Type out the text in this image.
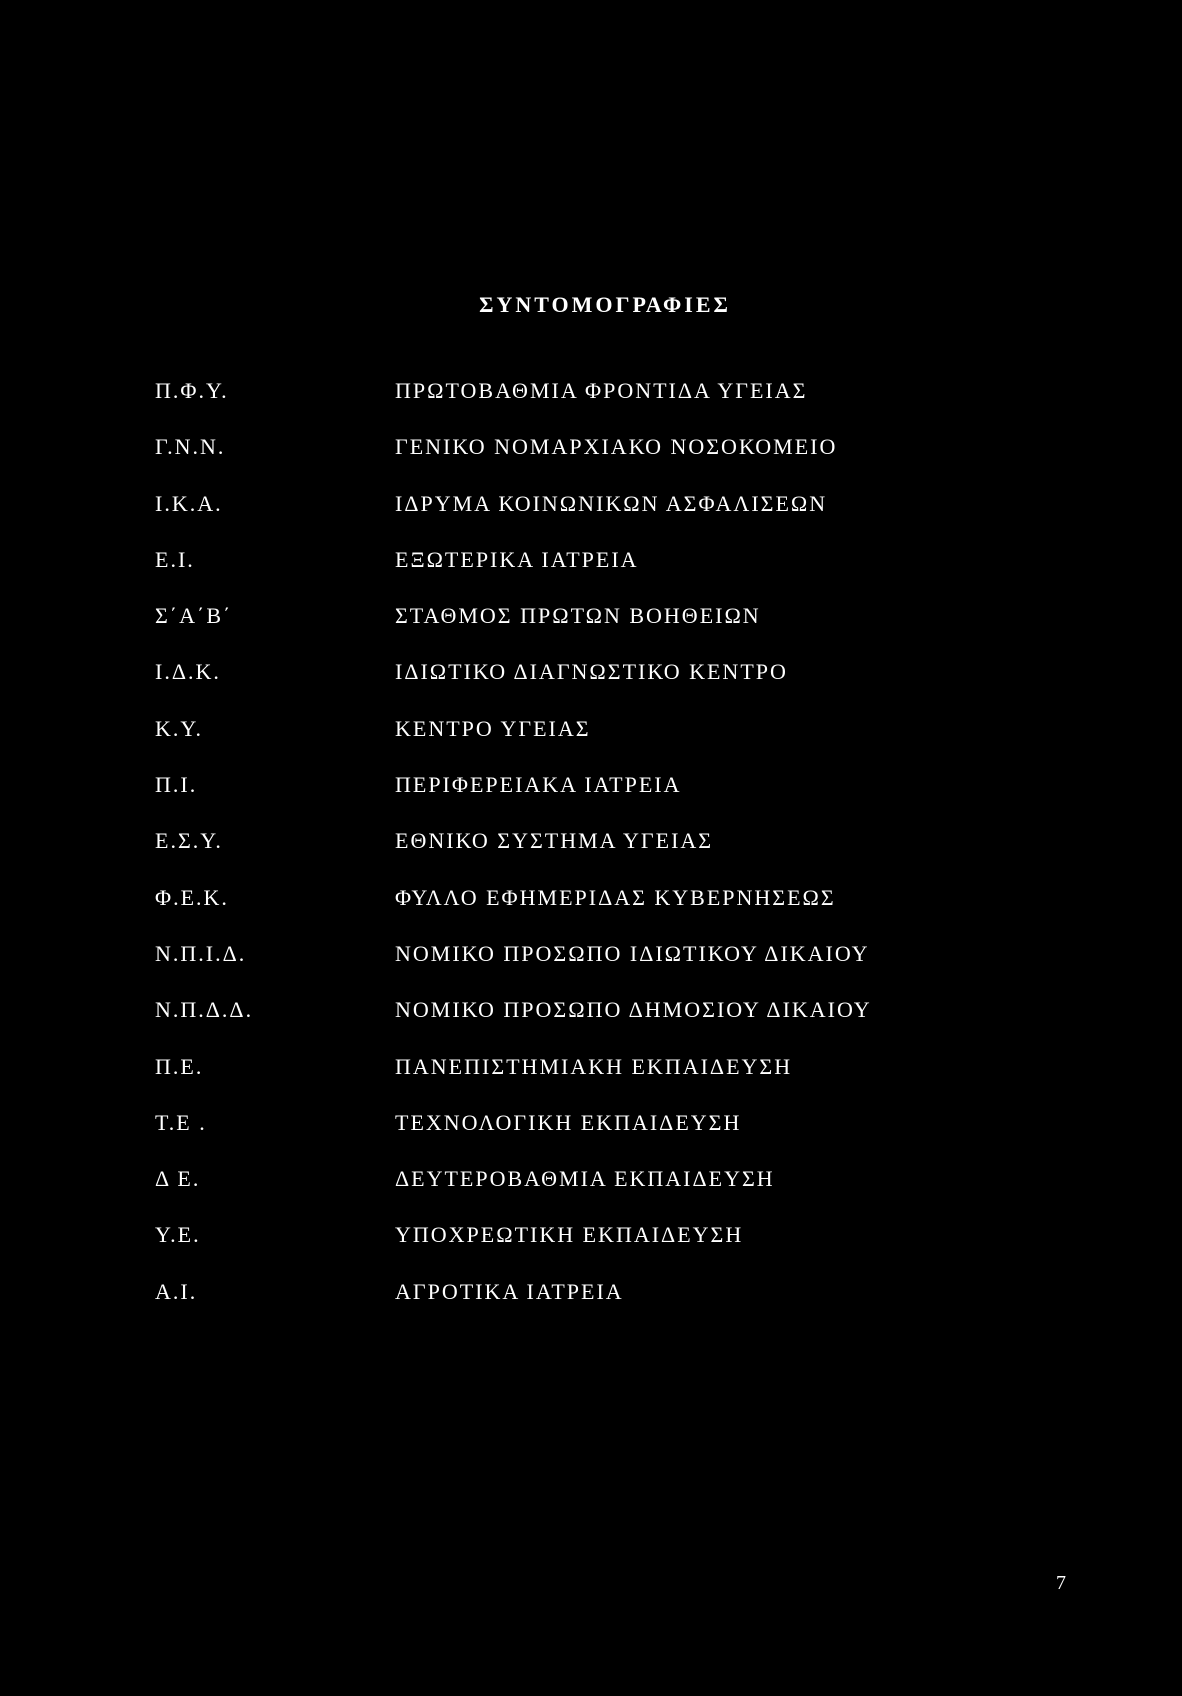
ΣΥΝΤΟΜΟΓΡΑΦΙΕΣ
Π.Φ.Υ.	ΠΡΩΤΟΒΑΘΜΙΑ ΦΡΟΝΤΙΔΑ ΥΓΕΙΑΣ
Γ.Ν.Ν.	ΓΕΝΙΚΟ ΝΟΜΑΡΧΙΑΚΟ ΝΟΣΟΚΟΜΕΙΟ
Ι.Κ.Α.	ΙΔΡΥΜΑ ΚΟΙΝΩΝΙΚΩΝ ΑΣΦΑΛΙΣΕΩΝ
Ε.Ι.	ΕΞΩΤΕΡΙΚΑ ΙΑΤΡΕΙΑ
Σ΄Α΄Β΄	ΣΤΑΘΜΟΣ ΠΡΩΤΩΝ ΒΟΗΘΕΙΩΝ
Ι.Δ.Κ.	ΙΔΙΩΤΙΚΟ ΔΙΑΓΝΩΣΤΙΚΟ ΚΕΝΤΡΟ
Κ.Υ.	ΚΕΝΤΡΟ ΥΓΕΙΑΣ
Π.Ι.	ΠΕΡΙΦΕΡΕΙΑΚΑ ΙΑΤΡΕΙΑ
Ε.Σ.Υ.	ΕΘΝΙΚΟ ΣΥΣΤΗΜΑ ΥΓΕΙΑΣ
Φ.Ε.Κ.	ΦΥΛΛΟ ΕΦΗΜΕΡΙΔΑΣ ΚΥΒΕΡΝΗΣΕΩΣ
Ν.Π.Ι.Δ.	ΝΟΜΙΚΟ ΠΡΟΣΩΠΟ ΙΔΙΩΤΙΚΟΥ ΔΙΚΑΙΟΥ
Ν.Π.Δ.Δ.	ΝΟΜΙΚΟ ΠΡΟΣΩΠΟ ΔΗΜΟΣΙΟΥ ΔΙΚΑΙΟΥ
Π.Ε.	ΠΑΝΕΠΙΣΤΗΜΙΑΚΗ ΕΚΠΑΙΔΕΥΣΗ
Τ.Ε .	ΤΕΧΝΟΛΟΓΙΚΗ ΕΚΠΑΙΔΕΥΣΗ
Δ Ε.	ΔΕΥΤΕΡΟΒΑΘΜΙΑ ΕΚΠΑΙΔΕΥΣΗ
Υ.Ε.	ΥΠΟΧΡΕΩΤΙΚΗ ΕΚΠΑΙΔΕΥΣΗ
Α.Ι.	ΑΓΡΟΤΙΚΑ ΙΑΤΡΕΙΑ
7
